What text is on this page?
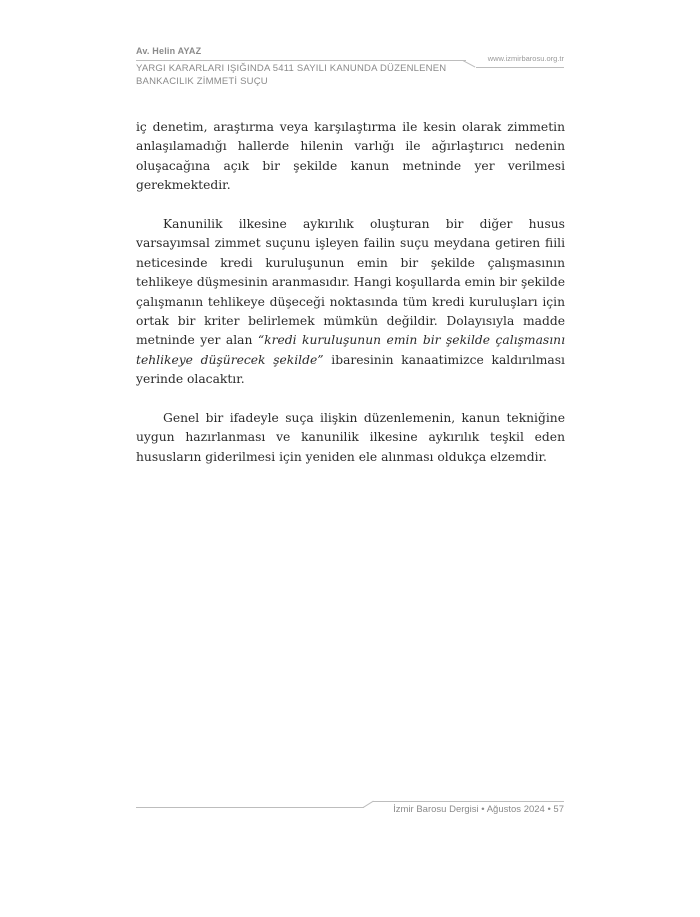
Av. Helin AYAZ
www.izmirbarosu.org.tr
YARGI KARARLARI IŞIĞINDA 5411 SAYILI KANUNDA DÜZENLENEN
BANKACILIK ZİMMETİ SUÇU

iç denetim, araştırma veya karşılaştırma ile kesin olarak zimmetin anlaşılamadığı hallerde hilenin varlığı ile ağırlaştırıcı nedenin oluşacağına açık bir şekilde kanun metninde yer verilmesi gerekmektedir.

Kanunilik ilkesine aykırılık oluşturan bir diğer husus varsayımsal zimmet suçunu işleyen failin suçu meydana getiren fiili neticesinde kredi kuruluşunun emin bir şekilde çalışmasının tehlikeye düşmesinin aranmasıdır. Hangi koşullarda emin bir şekilde çalışmanın tehlikeye düşeceği noktasında tüm kredi kuruluşları için ortak bir kriter belirlemek mümkün değildir. Dolayısıyla madde metninde yer alan “kredi kuruluşunun emin bir şekilde çalışmasını tehlikeye düşürecek şekilde” ibaresinin kanaatimizce kaldırılması yerinde olacaktır.

Genel bir ifadeyle suça ilişkin düzenlemenin, kanun tekniğine uygun hazırlanması ve kanunilik ilkesine aykırılık teşkil eden hususların giderilmesi için yeniden ele alınması oldukça elzemdir.

İzmir Barosu Dergisi • Ağustos 2024 • 57
